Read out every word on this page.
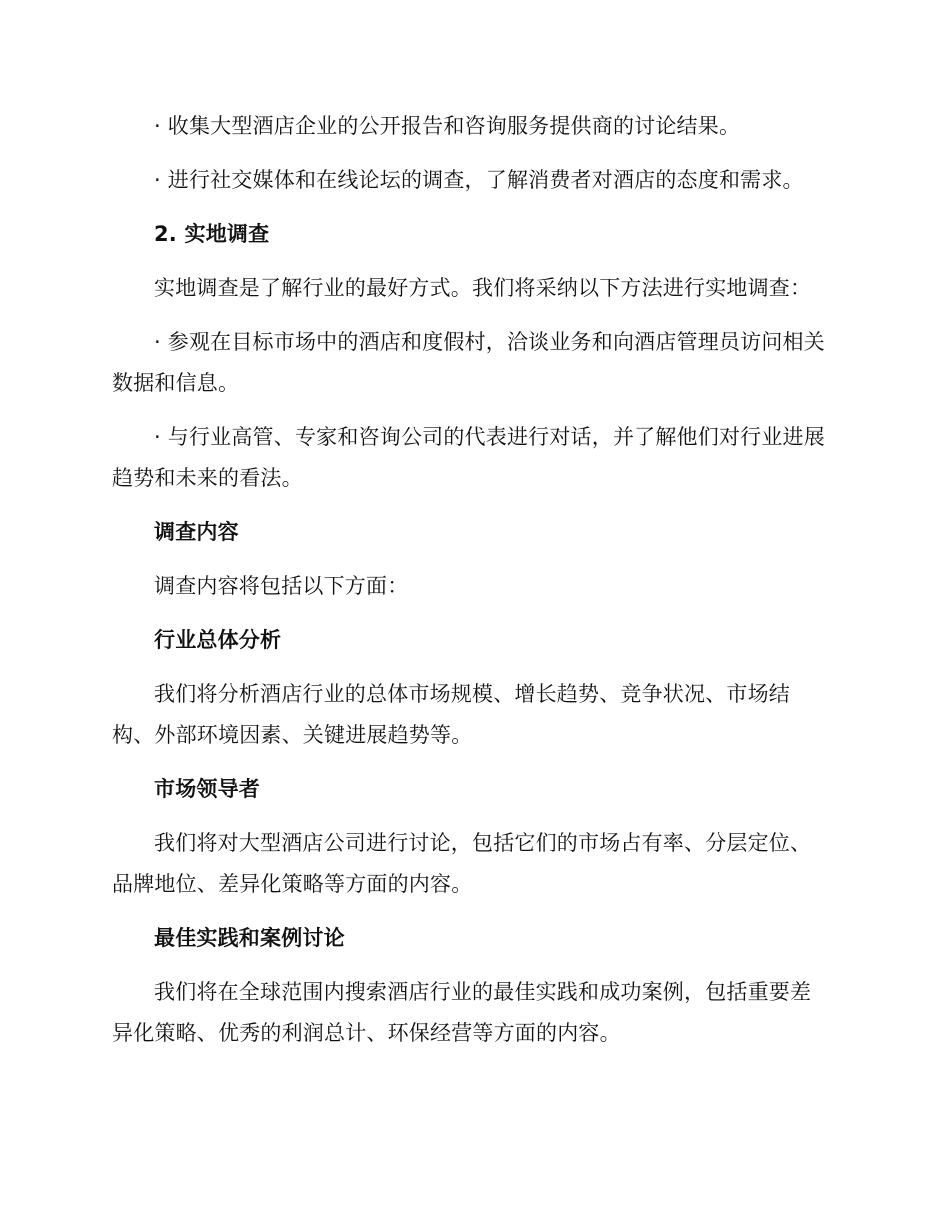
· 收集大型酒店企业的公开报告和咨询服务提供商的讨论结果。

· 进行社交媒体和在线论坛的调查，了解消费者对酒店的态度和需求。

2. 实地调查

实地调查是了解行业的最好方式。我们将采纳以下方法进行实地调查：

· 参观在目标市场中的酒店和度假村，洽谈业务和向酒店管理员访问相关数据和信息。

· 与行业高管、专家和咨询公司的代表进行对话，并了解他们对行业进展趋势和未来的看法。

调查内容

调查内容将包括以下方面：

行业总体分析

我们将分析酒店行业的总体市场规模、增长趋势、竞争状况、市场结构、外部环境因素、关键进展趋势等。

市场领导者

我们将对大型酒店公司进行讨论，包括它们的市场占有率、分层定位、品牌地位、差异化策略等方面的内容。

最佳实践和案例讨论

我们将在全球范围内搜索酒店行业的最佳实践和成功案例，包括重要差异化策略、优秀的利润总计、环保经营等方面的内容。
